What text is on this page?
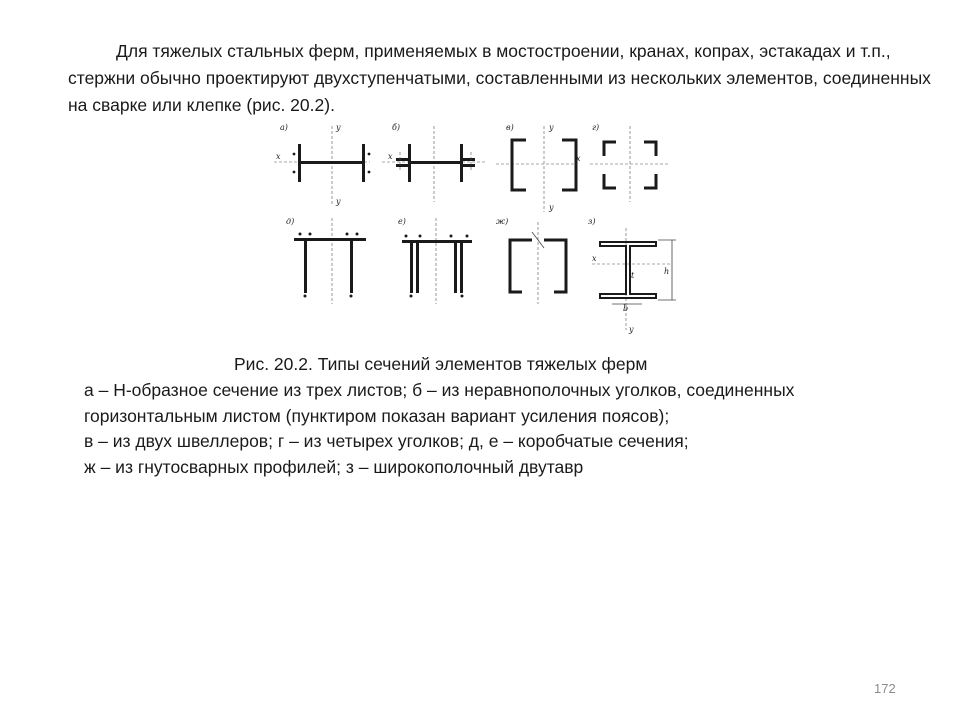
Для тяжелых стальных ферм, применяемых в мостостроении, кранах, копрах, эстакадах и т.п., стержни обычно проектируют двухступенчатыми, составленными из нескольких элементов, соединенных на сварке или клепке (рис. 20.2).

а)	y
x
y
б)
x
в)	y
x
y
г)
д)	е)	ж)	з)
h
b
t
x
y

Рис. 20.2. Типы сечений элементов тяжелых ферм

а – Н-образное сечение из трех листов; б – из неравнополочных уголков, соединенных
горизонтальным листом (пунктиром показан вариант усиления поясов);
в – из двух швеллеров; г – из четырех уголков; д, е – коробчатые сечения;
ж – из гнутосварных профилей; з – широкополочный двутавр
172
